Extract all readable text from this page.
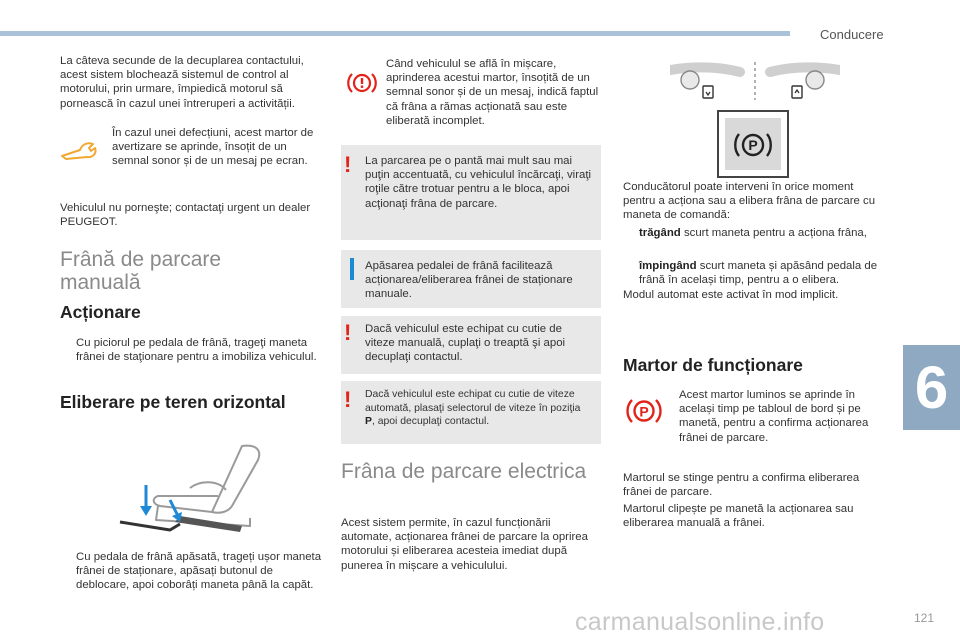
Conducere

La câteva secunde de la decuplarea contactului, acest sistem blochează sistemul de control al motorului, prin urmare, împiedică motorul să pornească în cazul unei întreruperi a activității.

În cazul unei defecțiuni, acest martor de avertizare se aprinde, însoțit de un semnal sonor și de un mesaj pe ecran.

Vehiculul nu porneşte; contactaţi urgent un dealer PEUGEOT.

Frână de parcare manuală
Acționare
Cu piciorul pe pedala de frână, trageţi maneta frânei de staţionare pentru a imobiliza vehiculul.
Eliberare pe teren orizontal
Cu pedala de frână apăsată, trageți ușor maneta frânei de staționare, apăsați butonul de deblocare, apoi coborâți maneta până la capăt.

Când vehiculul se află în mișcare, aprinderea acestui martor, însoțită de un semnal sonor și de un mesaj, indică faptul că frâna a rămas acționată sau este eliberată incomplet.

! La parcarea pe o pantă mai mult sau mai puţin accentuată, cu vehiculul încărcaţi, viraţi roţile către trotuar pentru a le bloca, apoi acţionaţi frâna de parcare.

Apăsarea pedalei de frână facilitează acționarea/eliberarea frânei de staționare manuale.

! Dacă vehiculul este echipat cu cutie de viteze manuală, cuplaţi o treaptă şi apoi decuplaţi contactul.

! Dacă vehiculul este echipat cu cutie de viteze automată, plasaţi selectorul de viteze în poziţia P, apoi decuplaţi contactul.

Frâna de parcare electrica

Acest sistem permite, în cazul funcționării automate, acționarea frânei de parcare la oprirea motorului și eliberarea acesteia imediat după punerea în mișcare a vehiculului.

P

Conducătorul poate interveni în orice moment pentru a acționa sau a elibera frâna de parcare cu maneta de comandă:

trăgând scurt maneta pentru a acționa frâna,
împingând scurt maneta și apăsând pedala de frână în același timp, pentru a o elibera.

Modul automat este activat în mod implicit.

Martor de funcționare
P

Acest martor luminos se aprinde în același timp pe tabloul de bord și pe manetă, pentru a confirma acționarea frânei de parcare.

Martorul se stinge pentru a confirma eliberarea frânei de parcare.

Martorul clipește pe manetă la acționarea sau eliberarea manuală a frânei.

6
carmanualsonline.info	121
